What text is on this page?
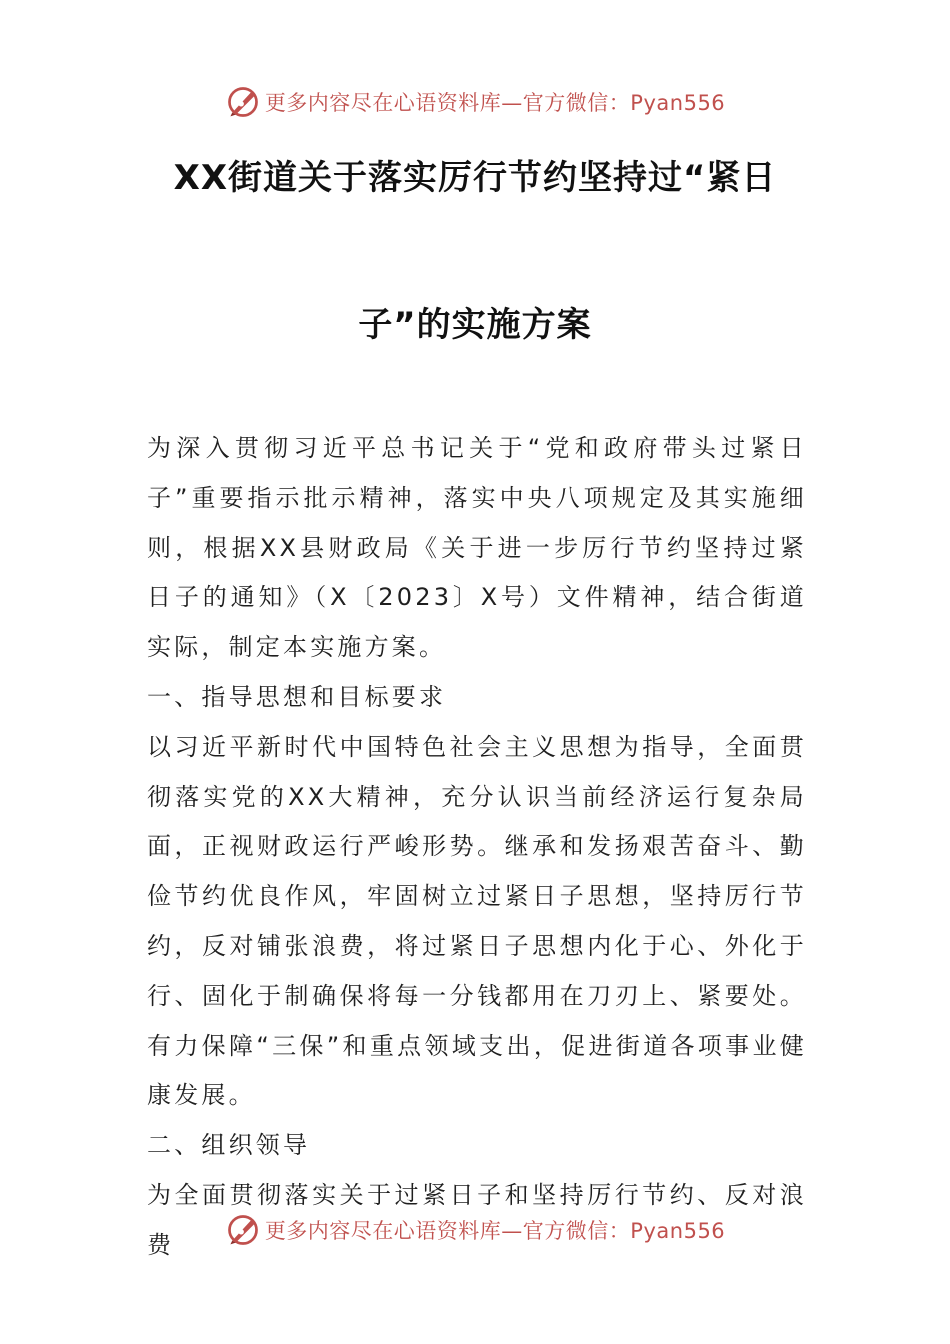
更多内容尽在心语资料库—官方微信：Pyan556
XX街道关于落实厉行节约坚持过“紧日
子”的实施方案

为深入贯彻习近平总书记关于“党和政府带头过紧日子”重要指示批示精神，落实中央八项规定及其实施细则，根据XX县财政局《关于进一步厉行节约坚持过紧日子的通知》（X〔2023〕X号）文件精神，结合街道实际，制定本实施方案。

一、指导思想和目标要求

以习近平新时代中国特色社会主义思想为指导，全面贯彻落实党的XX大精神，充分认识当前经济运行复杂局面，正视财政运行严峻形势。继承和发扬艰苦奋斗、勤俭节约优良作风，牢固树立过紧日子思想，坚持厉行节约，反对铺张浪费，将过紧日子思想内化于心、外化于行、固化于制确保将每一分钱都用在刀刃上、紧要处。有力保障“三保”和重点领域支出，促进街道各项事业健康发展。

二、组织领导

为全面贯彻落实关于过紧日子和坚持厉行节约、反对浪费	更多内容尽在心语资料库—官方微信：Pyan556
